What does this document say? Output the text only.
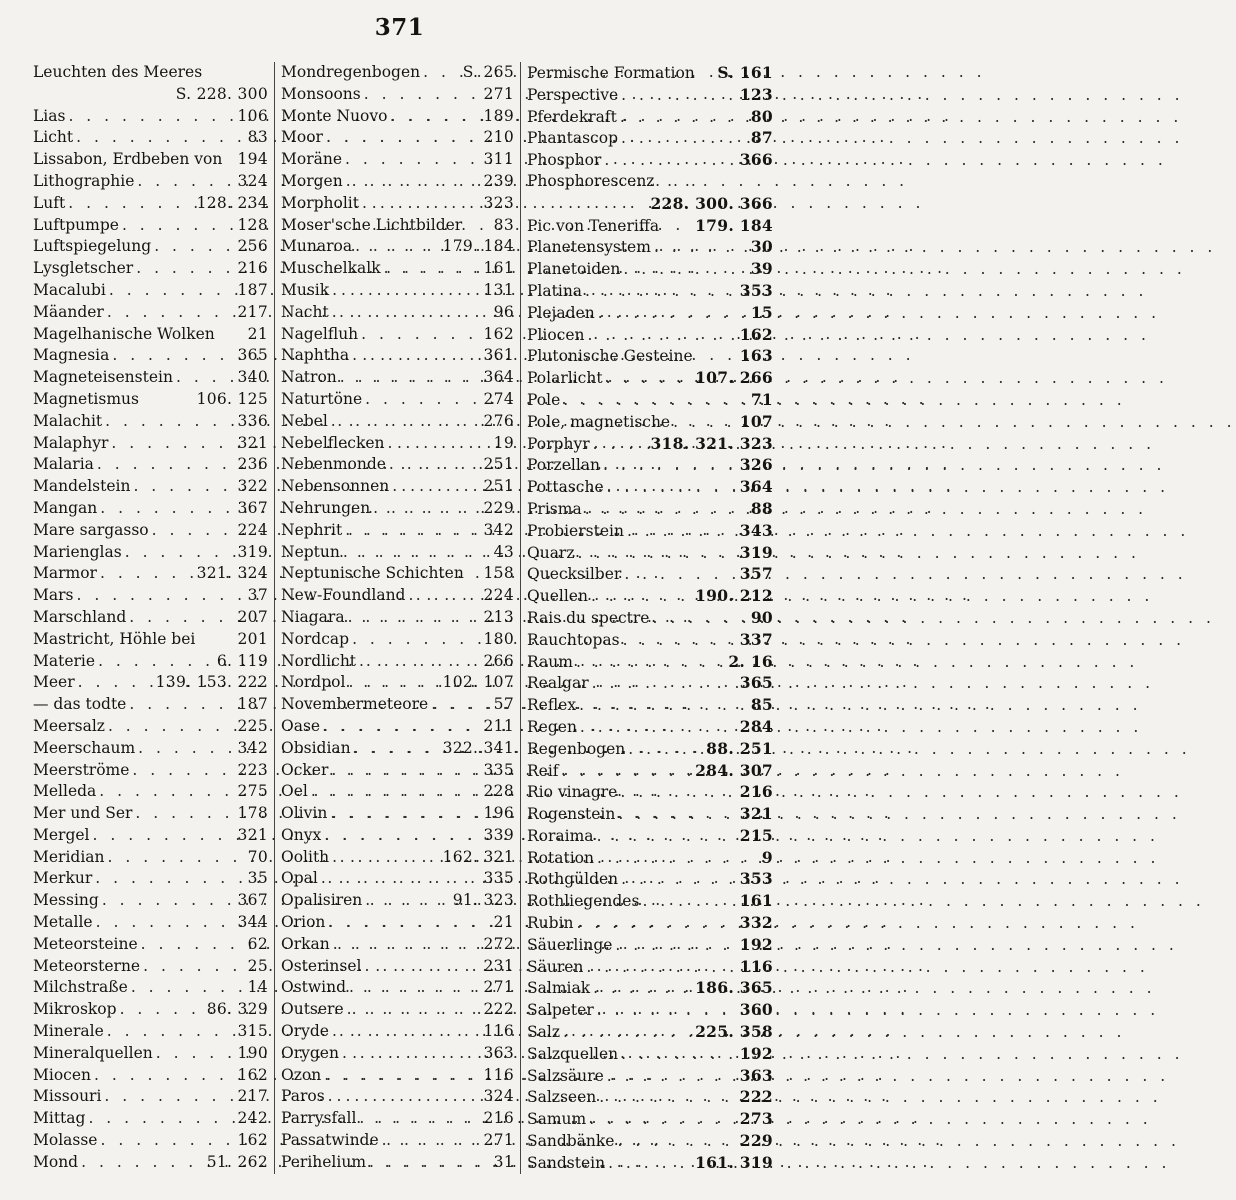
371
Leuchten des Meeres
S. 228. 300
Lias . . .	106
Licht . . .	83
Lissabon, Erdbeben von 194
Lithographie . . .	324
Luft . . .	128. 234
Luftpumpe . . .	128
Luftspiegelung . . .	256
Lysgletscher . . .	216
Macalubi . . .	187
Mäander . . .	217
Magelhanische Wolken 21
Magnesia . . .	365
Magneteisenstein . . .	340
Magnetismus	106. 125
Malachit . . .	336
Malaphyr . . .	321
Malaria . . .	236
Mandelstein . . .	322
Mangan . . .	367
Mare sargasso . . .	224
Marienglas . . .	319
Marmor . . .	321. 324
Mars . . .	37
Marschland . . .	207
Mastricht, Höhle bei	201
Materie . . .	6. 119
Meer . . .	139. 153. 222
— das todte . . .	187
Meersalz . . .	225
Meerschaum . . .	342
Meerströme . . .	223
Melleda . . .	275
Mer und Ser . . .	178
Mergel . . .	321
Meridian . . .	70
Merkur . . .	35
Messing . . .	367
Metalle . . .	344
Meteorsteine . . .	62
Meteorsterne . . .	25
Milchstraße . . .	14
Mikroskop . . .	86. 329
Minerale . . .	315
Mineralquellen . . .	190
Miocen . . .	162
Missouri . . .	217
Mittag . . .	242
Molasse . . .	162
Mond . . .	51. 262
Mondregenbogen . . .	S. 265
Monsoons . . .	271
Monte Nuovo . . .	189
Moor . . .	210
Moräne . . .	311
Morgen . . .	239
Morpholit . . .	323
Moser'sche Lichtbilder 83
Munaroa . . .	179. 184
Muschelkalk . . .	161
Musik . . .	131
Nacht . . .	96
Nagelfluh . . .	162
Naphtha . . .	361
Natron . . .	364
Naturtöne . . .	274
Nebel . . .	276
Nebelflecken . . .	19
Nebenmonde . . .	251
Nebensonnen . . .	251
Nehrungen . . .	229
Nephrit . . .	342
Neptun . . .	43
Neptunische Schichten 158
New-Foundland . . .	224
Niagara . . .	213
Nordcap . . .	180
Nordlicht . . .	266
Nordpol . . .	102. 107
Novembermeteore . . .	57
Oase . . .	211
Obsidian . . .	322. 341
Ocker . . .	335
Oel . . .	228
Olivin . . .	196
Onyx . . .	339
Oolith . . .	162. 321
Opal . . .	335
Opalisiren . . .	91. 323
Orion . . .	21
Orkan . . .	272
Osterinsel . . .	231
Ostwind . . .	271
Outsere . . .	222
Oryde . . .	116
Orygen . . .	363
Ozon . . .	116
Paros . . .	324
Parrysfall . . .	216
Passatwinde . . .	271
Perihelium . . .	31
Permische Formation S. 161
Perspective . . .	123
Pferdekraft . . .	80
Phantascop . . .	87
Phosphor . . .	366
Phosphorescenz
228. 300. 366
Pic von Teneriffa 179. 184
Planetensystem . . .	30
Planetoiden . . .	39
Platina . . .	353
Plejaden . . .	15
Pliocen . . .	162
Plutonische Gesteine	163
Polarlicht . . .	107. 266
Pole . . .	71
Pole, magnetische . . .	107
Porphyr . . .	318. 321. 323
Porzellan . . .	326
Pottasche . . .	364
Prisma . . .	88
Probierstein . . .	343
Quarz . . .	319
Quecksilber . . .	357
Quellen . . .	190. 212
Rais du spectre . . .	90
Rauchtopas . . .	337
Raum . . .	2. 16
Realgar . . .	365
Reflex . . .	85
Regen . . .	284
Regenbogen . . .	88. 251
Reif . . .	284. 307
Rio vinagre . . .	216
Rogenstein . . .	321
Roraima . . .	215
Rotation . . .	9
Rothgülden . . .	353
Rothliegendes . . .	161
Rubin . . .	332
Säuerlinge . . .	192
Säuren . . .	116
Salmiak . . .	186. 365
Salpeter . . .	360
Salz . . .	225. 358
Salzquellen . . .	192
Salzsäure . . .	363
Salzseen . . .	222
Samum . . .	273
Sandbänke . . .	229
Sandstein . . .	161. 319
